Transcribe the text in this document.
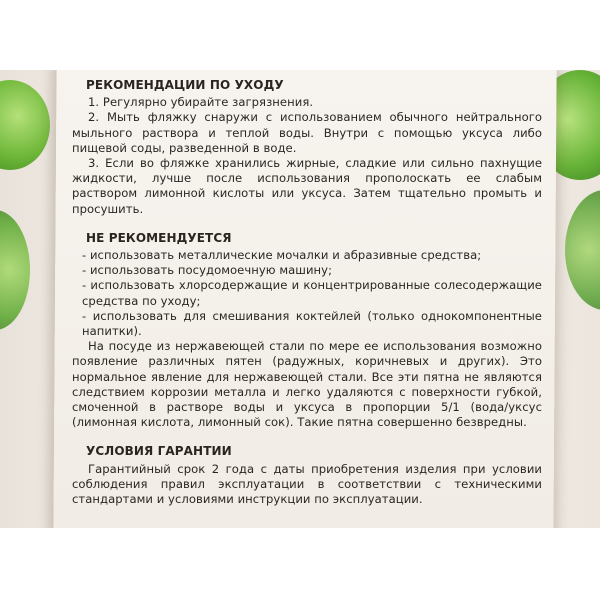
РЕКОМЕНДАЦИИ ПО УХОДУ

1. Регулярно убирайте загрязнения.

2. Мыть фляжку снаружи с использованием обычного нейтрального мыльного раствора и теплой воды. Внутри с помощью уксуса либо пищевой соды, разведенной в воде.

3. Если во фляжке хранились жирные, сладкие или сильно пахнущие жидкости, лучше после использования прополоскать ее слабым раствором лимонной кислоты или уксуса. Затем тщательно промыть и просушить.

НЕ РЕКОМЕНДУЕТСЯ

- использовать металлические мочалки и абразивные средства;

- использовать посудомоечную машину;

- использовать хлорсодержащие и концентрированные солесодержащие средства по уходу;

- использовать для смешивания коктейлей (только однокомпонентные напитки).

На посуде из нержавеющей стали по мере ее использования возможно появление различных пятен (радужных, коричневых и других). Это нормальное явление для нержавеющей стали. Все эти пятна не являются следствием коррозии металла и легко удаляются с поверхности губкой, смоченной в растворе воды и уксуса в пропорции 5/1 (вода/уксус (лимонная кислота, лимонный сок). Такие пятна совершенно безвредны.

УСЛОВИЯ ГАРАНТИИ

Гарантийный срок 2 года с даты приобретения изделия при условии соблюдения правил эксплуатации в соответствии с техническими стандартами и условиями инструкции по эксплуатации.
